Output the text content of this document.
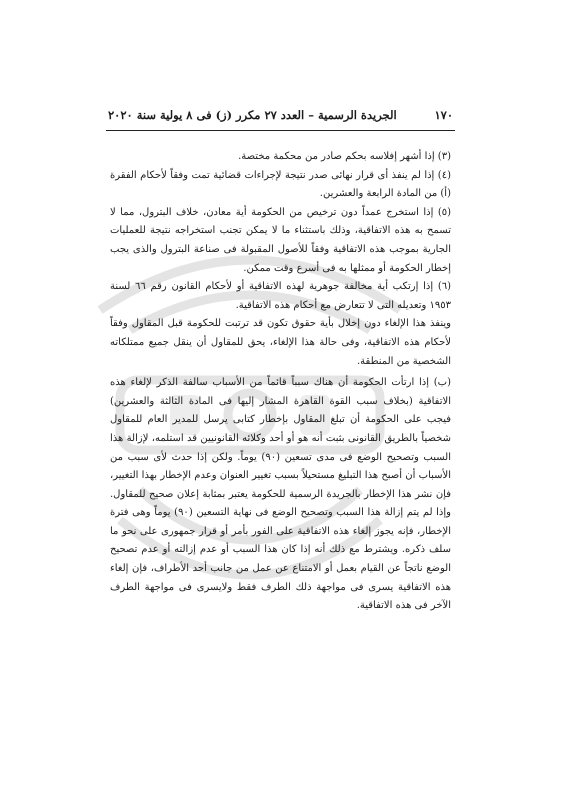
١٧٠
الجريدة الرسمية – العدد ٢٧ مكرر (ز) فى ٨ يولية سنة ٢٠٢٠

(٣) إذا أشهر إفلاسه بحكم صادر من محكمة مختصة.

(٤) إذا لم ينفذ أى قرار نهائى صدر نتيجة لإجراءات قضائية تمت وفقاً لأحكام الفقرة (أ) من المادة الرابعة والعشرين.

(٥) إذا استخرج عمداً دون ترخيص من الحكومة أية معادن، خلاف البترول، مما لا تسمح به هذه الاتفاقية، وذلك باستثناء ما لا يمكن تجنب استخراجه نتيجة للعمليات الجارية بموجب هذه الاتفاقية وفقاً للأصول المقبولة فى صناعة البترول والذى يجب إخطار الحكومة أو ممثلها به فى أسرع وقت ممكن.

(٦) إذا إرتكب أية مخالفة جوهرية لهذه الاتفاقية أو لأحكام القانون رقم ٦٦ لسنة ١٩٥٣ وتعديله التى لا تتعارض مع أحكام هذه الاتفاقية.

وينفذ هذا الإلغاء دون إخلال بأية حقوق تكون قد ترتبت للحكومة قبل المقاول وفقاً لأحكام هذه الاتفاقية، وفى حالة هذا الإلغاء، يحق للمقاول أن ينقل جميع ممتلكاته الشخصية من المنطقة.

(ب) إذا ارتأت الحكومة أن هناك سبباً قائماً من الأسباب سالفة الذكر لإلغاء هذه الاتفاقية (بخلاف سبب القوة القاهرة المشار إليها فى المادة الثالثة والعشرين) فيجب على الحكومة أن تبلغ المقاول بإخطار كتابى يرسل للمدير العام للمقاول شخصياً بالطريق القانونى بثبت أنه هو أو أحد وكلائه القانونيين قد استلمه، لإزالة هذا السبب وتصحيح الوضع فى مدى تسعين (٩٠) يوماً. ولكن إذا حدث لأى سبب من الأسباب أن أصبح هذا التبليغ مستحيلاً بسبب تغيير العنوان وعدم الإخطار بهذا التغيير، فإن نشر هذا الإخطار بالجريدة الرسمية للحكومة يعتبر بمثابة إعلان صحيح للمقاول. وإذا لم يتم إزالة هذا السبب وتصحيح الوضع فى نهاية التسعين (٩٠) يوماً وهى فترة الإخطار، فإنه يجوز إلغاء هذه الاتفاقية على الفور بأمر أو قرار جمهورى على نحو ما سلف ذكره. ويشترط مع ذلك أنه إذا كان هذا السبب أو عدم إزالته أو عدم تصحيح الوضع ناتجاً عن القيام بعمل أو الامتناع عن عمل من جانب أحد الأطراف، فإن إلغاء هذه الاتفاقية يسرى فى مواجهة ذلك الطرف فقط ولايسرى فى مواجهة الطرف الآخر فى هذه الاتفاقية.
